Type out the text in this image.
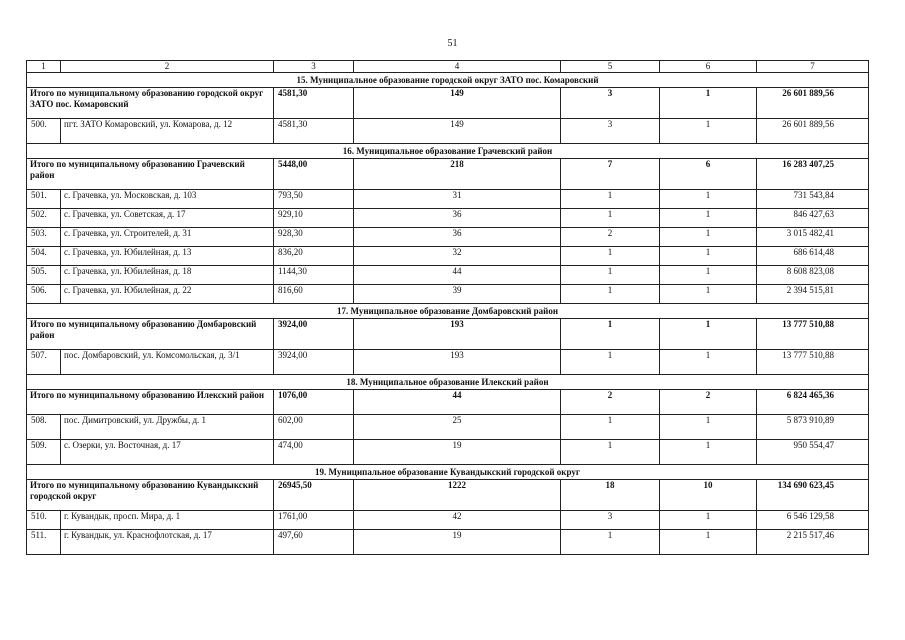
51
1	2	3	4	5	6	7
15. Муниципальное образование городской округ ЗАТО пос. Комаровский						
Итого по муниципальному образованию городской округ ЗАТО пос. Комаровский		4581,30	149	3	1	26 601 889,56
500.	пгт. ЗАТО Комаровский, ул. Комарова, д. 12	4581,30	149	3	1	26 601 889,56
16. Муниципальное образование Грачевский район						
Итого по муниципальному образованию Грачевский район		5448,00	218	7	6	16 283 407,25
501.	с. Грачевка, ул. Московская, д. 103	793,50	31	1	1	731 543,84
502.	с. Грачевка, ул. Советская, д. 17	929,10	36	1	1	846 427,63
503.	с. Грачевка, ул. Строителей, д. 31	928,30	36	2	1	3 015 482,41
504.	с. Грачевка, ул. Юбилейная, д. 13	836,20	32	1	1	686 614,48
505.	с. Грачевка, ул. Юбилейная, д. 18	1144,30	44	1	1	8 608 823,08
506.	с. Грачевка, ул. Юбилейная, д. 22	816,60	39	1	1	2 394 515,81
17. Муниципальное образование Домбаровский район						
Итого по муниципальному образованию Домбаровский район		3924,00	193	1	1	13 777 510,88
507.	пос. Домбаровский, ул. Комсомольская, д. 3/1	3924,00	193	1	1	13 777 510,88
18. Муниципальное образование Илекский район						
Итого по муниципальному образованию Илекский район		1076,00	44	2	2	6 824 465,36
508.	пос. Димитровский, ул. Дружбы, д. 1	602,00	25	1	1	5 873 910,89
509.	с. Озерки, ул. Восточная, д. 17	474,00	19	1	1	950 554,47
19. Муниципальное образование Кувандыкский городской округ						
Итого по муниципальному образованию Кувандыкский городской округ		26945,50	1222	18	10	134 690 623,45
510.	г. Кувандык, просп. Мира, д. 1	1761,00	42	3	1	6 546 129,58
511.	г. Кувандык, ул. Краснофлотская, д. 17	497,60	19	1	1	2 215 517,46
